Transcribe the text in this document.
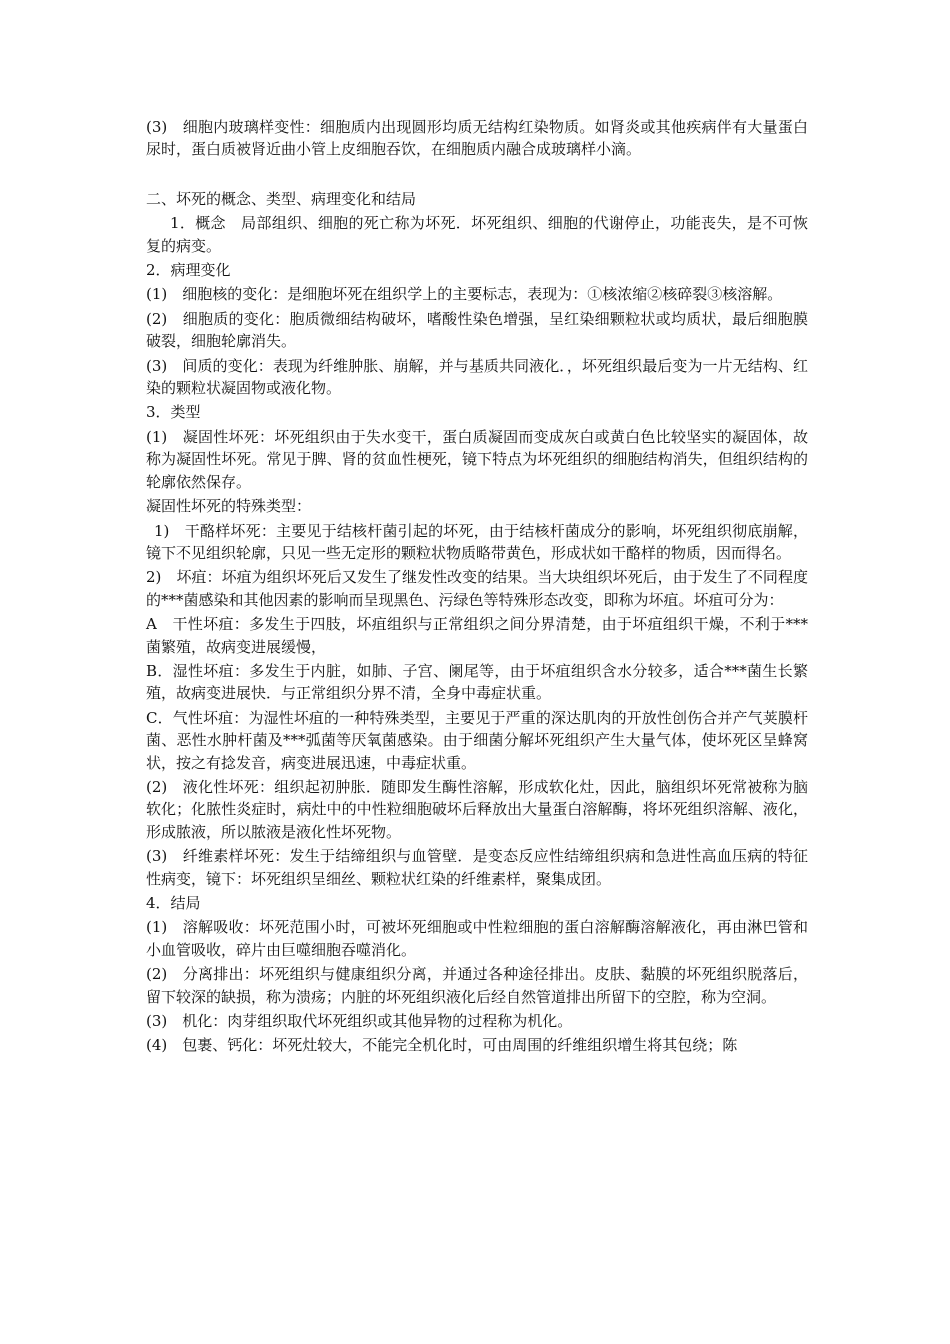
(3)　细胞内玻璃样变性：细胞质内出现圆形均质无结构红染物质。如肾炎或其他疾病伴有大量蛋白尿时，蛋白质被肾近曲小管上皮细胞吞饮，在细胞质内融合成玻璃样小滴。

二、坏死的概念、类型、病理变化和结局

1．概念　局部组织、细胞的死亡称为坏死．坏死组织、细胞的代谢停止，功能丧失，是不可恢复的病变。

2．病理变化

(1)　细胞核的变化：是细胞坏死在组织学上的主要标志，表现为：①核浓缩②核碎裂③核溶解。

(2)　细胞质的变化：胞质微细结构破坏，嗜酸性染色增强，呈红染细颗粒状或均质状，最后细胞膜破裂，细胞轮廓消失。

(3)　间质的变化：表现为纤维肿胀、崩解，并与基质共同液化．，坏死组织最后变为一片无结构、红染的颗粒状凝固物或液化物。

3．类型

(1)　凝固性坏死：坏死组织由于失水变干，蛋白质凝固而变成灰白或黄白色比较坚实的凝固体，故称为凝固性坏死。常见于脾、肾的贫血性梗死，镜下特点为坏死组织的细胞结构消失，但组织结构的轮廓依然保存。

凝固性坏死的特殊类型：

1)　干酪样坏死：主要见于结核杆菌引起的坏死，由于结核杆菌成分的影响，坏死组织彻底崩解，镜下不见组织轮廓，只见一些无定形的颗粒状物质略带黄色，形成状如干酪样的物质，因而得名。

2)　坏疽：坏疽为组织坏死后又发生了继发性改变的结果。当大块组织坏死后，由于发生了不同程度的***菌感染和其他因素的影响而呈现黑色、污绿色等特殊形态改变，即称为坏疽。坏疽可分为：

A　干性坏疽：多发生于四肢，坏疽组织与正常组织之间分界清楚，由于坏疽组织干燥，不利于***菌繁殖，故病变进展缓慢，

B．湿性坏疽：多发生于内脏，如肺、子宫、阑尾等，由于坏疽组织含水分较多，适合***菌生长繁殖，故病变进展快．与正常组织分界不清，全身中毒症状重。

C．气性坏疽：为湿性坏疽的一种特殊类型，主要见于严重的深达肌肉的开放性创伤合并产气荚膜杆菌、恶性水肿杆菌及***弧菌等厌氧菌感染。由于细菌分解坏死组织产生大量气体，使坏死区呈蜂窝状，按之有捻发音，病变进展迅速，中毒症状重。

(2)　液化性坏死：组织起初肿胀．随即发生酶性溶解，形成软化灶，因此，脑组织坏死常被称为脑软化；化脓性炎症时，病灶中的中性粒细胞破坏后释放出大量蛋白溶解酶，将坏死组织溶解、液化，形成脓液，所以脓液是液化性坏死物。

(3)　纤维素样坏死：发生于结缔组织与血管壁．是变态反应性结缔组织病和急进性高血压病的特征性病变，镜下：坏死组织呈细丝、颗粒状红染的纤维素样，聚集成团。

4．结局

(1)　溶解吸收：坏死范围小时，可被坏死细胞或中性粒细胞的蛋白溶解酶溶解液化，再由淋巴管和小血管吸收，碎片由巨噬细胞吞噬消化。

(2)　分离排出：坏死组织与健康组织分离，并通过各种途径排出。皮肤、黏膜的坏死组织脱落后，留下较深的缺损，称为溃疡；内脏的坏死组织液化后经自然管道排出所留下的空腔，称为空洞。

(3)　机化：肉芽组织取代坏死组织或其他异物的过程称为机化。

(4)　包裹、钙化：坏死灶较大，不能完全机化时，可由周围的纤维组织增生将其包绕；陈
